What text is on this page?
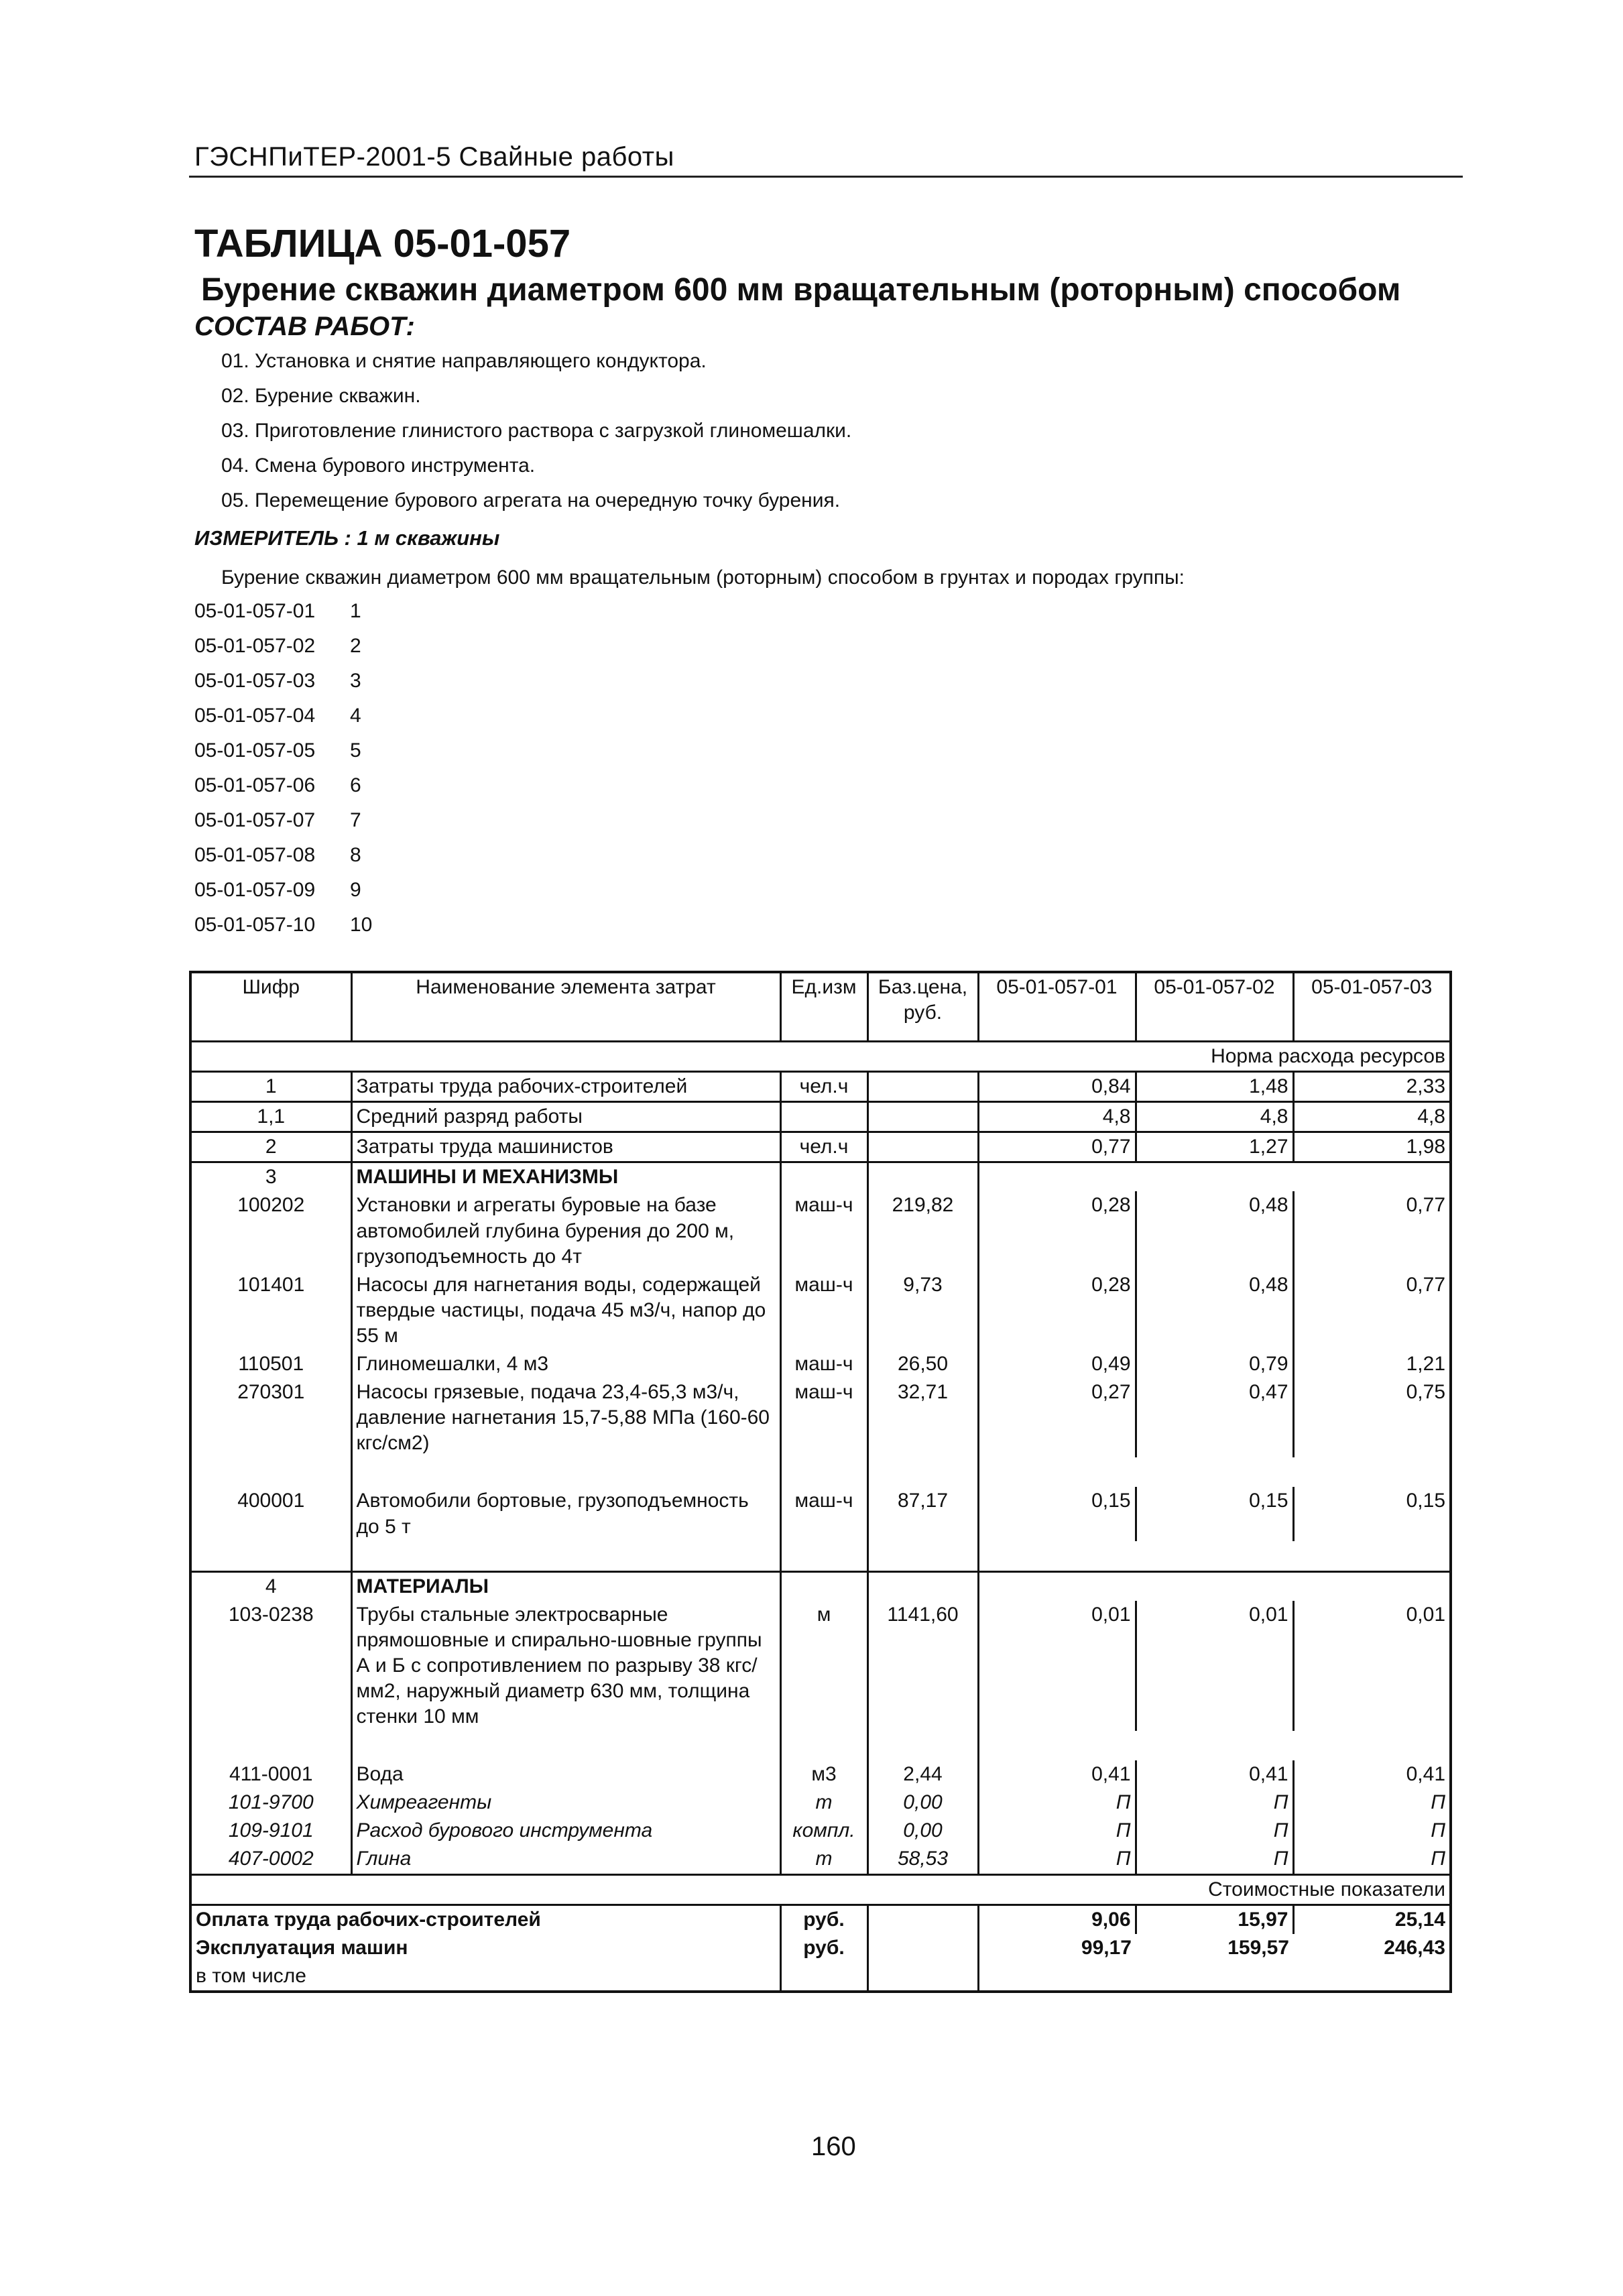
ГЭСНПиТЕР-2001-5 Свайные работы
ТАБЛИЦА 05-01-057
Бурение скважин диаметром 600 мм вращательным (роторным) способом
СОСТАВ РАБОТ:
01. Установка и снятие направляющего кондуктора.
02. Бурение скважин.
03. Приготовление глинистого раствора с загрузкой глиномешалки.
04. Смена бурового инструмента.
05. Перемещение бурового агрегата на очередную точку бурения.
ИЗМЕРИТЕЛЬ : 1 м скважины
Бурение скважин диаметром 600 мм вращательным (роторным) способом в грунтах и породах группы:
05-01-057-01 1
05-01-057-02 2
05-01-057-03 3
05-01-057-04 4
05-01-057-05 5
05-01-057-06 6
05-01-057-07 7
05-01-057-08 8
05-01-057-09 9
05-01-057-10 10
Шифр	Наименование элемента затрат	Ед.изм	Баз.цена, руб.	05-01-057-01	05-01-057-02	05-01-057-03
Норма расхода ресурсов						
1	Затраты труда рабочих-строителей	чел.ч		0,84	1,48	2,33
1,1	Средний разряд работы			4,8	4,8	4,8
2	Затраты труда машинистов	чел.ч		0,77	1,27	1,98
3	МАШИНЫ И МЕХАНИЗМЫ					
100202	Установки и агрегаты буровые на базе автомобилей глубина бурения до 200 м, грузоподъемность до 4т	маш-ч	219,82	0,28	0,48	0,77
101401	Насосы для нагнетания воды, содержащей твердые частицы, подача 45 м3/ч, напор до 55 м	маш-ч	9,73	0,28	0,48	0,77
110501	Глиномешалки, 4 м3	маш-ч	26,50	0,49	0,79	1,21
270301	Насосы грязевые, подача 23,4-65,3 м3/ч, давление нагнетания 15,7-5,88 МПа (160-60 кгс/см2)	маш-ч	32,71	0,27	0,47	0,75

400001	Автомобили бортовые, грузоподъемность до 5 т	маш-ч	87,17	0,15	0,15	0,15

4	МАТЕРИАЛЫ					
103-0238	Трубы стальные электросварные прямошовные и спирально-шовные группы А и Б с сопротивлением по разрыву 38 кгс/мм2, наружный диаметр 630 мм, толщина стенки 10 мм	м	1141,60	0,01	0,01	0,01

411-0001	Вода	м3	2,44	0,41	0,41	0,41
101-9700	Химреагенты	т	0,00	П	П	П
109-9101	Расход бурового инструмента	компл.	0,00	П	П	П
407-0002	Глина	т	58,53	П	П	П
Стоимостные показатели						
Оплата труда рабочих-строителей		руб.		9,06	15,97	25,14
Эксплуатация машин		руб.		99,17	159,57	246,43
в том числе						
160
